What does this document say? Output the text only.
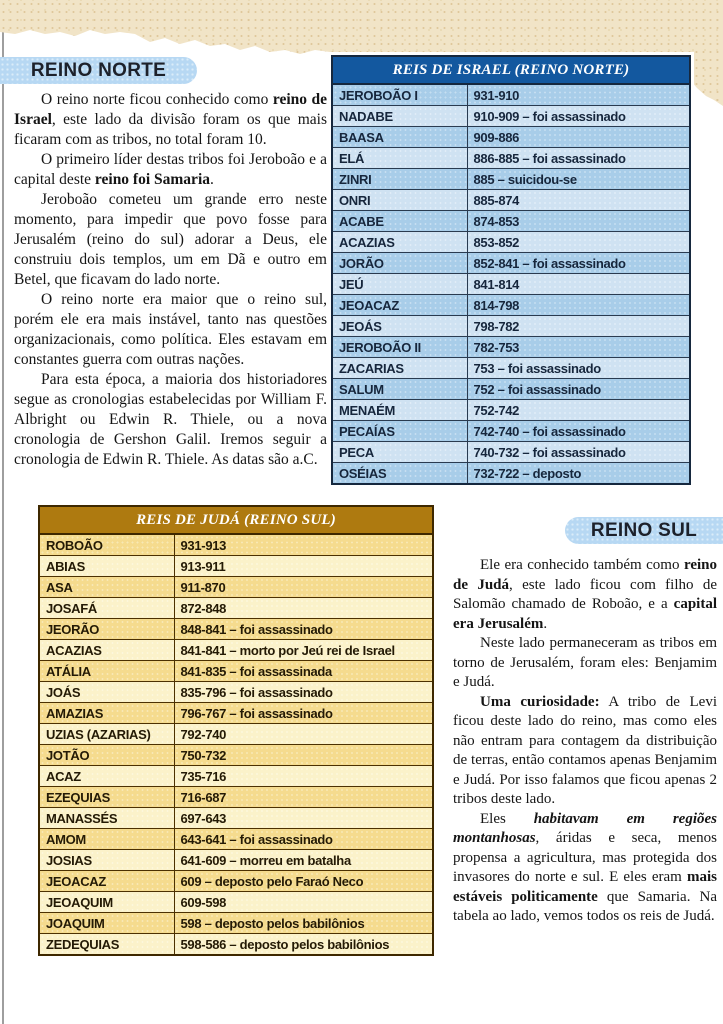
REINO NORTE

O reino norte ficou conhecido como reino de Israel, este lado da divisão foram os que mais ficaram com as tribos, no total foram 10.

O primeiro líder destas tribos foi Jeroboão e a capital deste reino foi Samaria.

Jeroboão cometeu um grande erro neste momento, para impedir que povo fosse para Jerusalém (reino do sul) adorar a Deus, ele construiu dois templos, um em Dã e outro em Betel, que ficavam do lado norte.

O reino norte era maior que o reino sul, porém ele era mais instável, tanto nas questões organizacionais, como política. Eles estavam em constantes guerra com outras nações.

Para esta época, a maioria dos historiadores segue as cronologias estabelecidas por William F. Albright ou Edwin R. Thiele, ou a nova cronologia de Gershon Galil. Iremos seguir a cronologia de Edwin R. Thiele. As datas são a.C.

REIS DE ISRAEL (REINO NORTE)	
JEROBOÃO I	931-910
NADABE	910-909 – foi assassinado
BAASA	909-886
ELÁ	886-885 – foi assassinado
ZINRI	885 – suicidou-se
ONRI	885-874
ACABE	874-853
ACAZIAS	853-852
JORÃO	852-841 – foi assassinado
JEÚ	841-814
JEOACAZ	814-798
JEOÁS	798-782
JEROBOÃO II	782-753
ZACARIAS	753 – foi assassinado
SALUM	752 – foi assassinado
MENAÉM	752-742
PECAÍAS	742-740 – foi assassinado
PECA	740-732 – foi assassinado
OSÉIAS	732-722 – deposto
REIS DE JUDÁ (REINO SUL)	
ROBOÃO	931-913
ABIAS	913-911
ASA	911-870
JOSAFÁ	872-848
JEORÃO	848-841 – foi assassinado
ACAZIAS	841-841 – morto por Jeú rei de Israel
ATÁLIA	841-835 – foi assassinada
JOÁS	835-796 – foi assassinado
AMAZIAS	796-767 – foi assassinado
UZIAS (AZARIAS)	792-740
JOTÃO	750-732
ACAZ	735-716
EZEQUIAS	716-687
MANASSÉS	697-643
AMOM	643-641 – foi assassinado
JOSIAS	641-609 – morreu em batalha
JEOACAZ	609 – deposto pelo Faraó Neco
JEOAQUIM	609-598
JOAQUIM	598 – deposto pelos babilônios
ZEDEQUIAS	598-586 – deposto pelos babilônios
REINO SUL

Ele era conhecido também como reino de Judá, este lado ficou com filho de Salomão chamado de Roboão, e a capital era Jerusalém.

Neste lado permaneceram as tribos em torno de Jerusalém, foram eles: Benjamim e Judá.

Uma curiosidade: A tribo de Levi ficou deste lado do reino, mas como eles não entram para contagem da distribuição de terras, então contamos apenas Benjamim e Judá. Por isso falamos que ficou apenas 2 tribos deste lado.

Eles habitavam em regiões montanhosas, áridas e seca, menos propensa a agricultura, mas protegida dos invasores do norte e sul. E eles eram mais estáveis politicamente que Samaria. Na tabela ao lado, vemos todos os reis de Judá.
